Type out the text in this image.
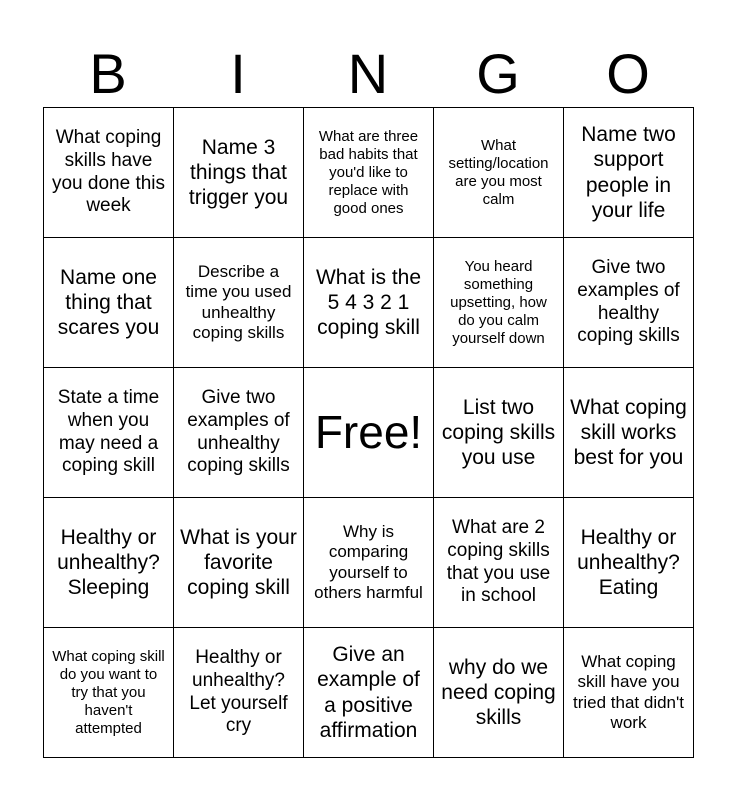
B	I	N	G	O
What coping skills have you done this week	Name 3 things that trigger you	What are three bad habits that you'd like to replace with good ones	What setting/location are you most calm	Name two support people in your life

Name one thing that scares you	Describe a time you used unhealthy coping skills	What is the 5 4 3 2 1 coping skill	You heard something upsetting, how do you calm yourself down	Give two examples of healthy coping skills

State a time when you may need a coping skill	Give two examples of unhealthy coping skills	Free!	List two coping skills you use	What coping skill works best for you

Healthy or unhealthy? Sleeping	What is your favorite coping skill	Why is comparing yourself to others harmful	What are 2 coping skills that you use in school	Healthy or unhealthy? Eating

What coping skill do you want to try that you haven't attempted	Healthy or unhealthy? Let yourself cry	Give an example of a positive affirmation	why do we need coping skills	What coping skill have you tried that didn't work
